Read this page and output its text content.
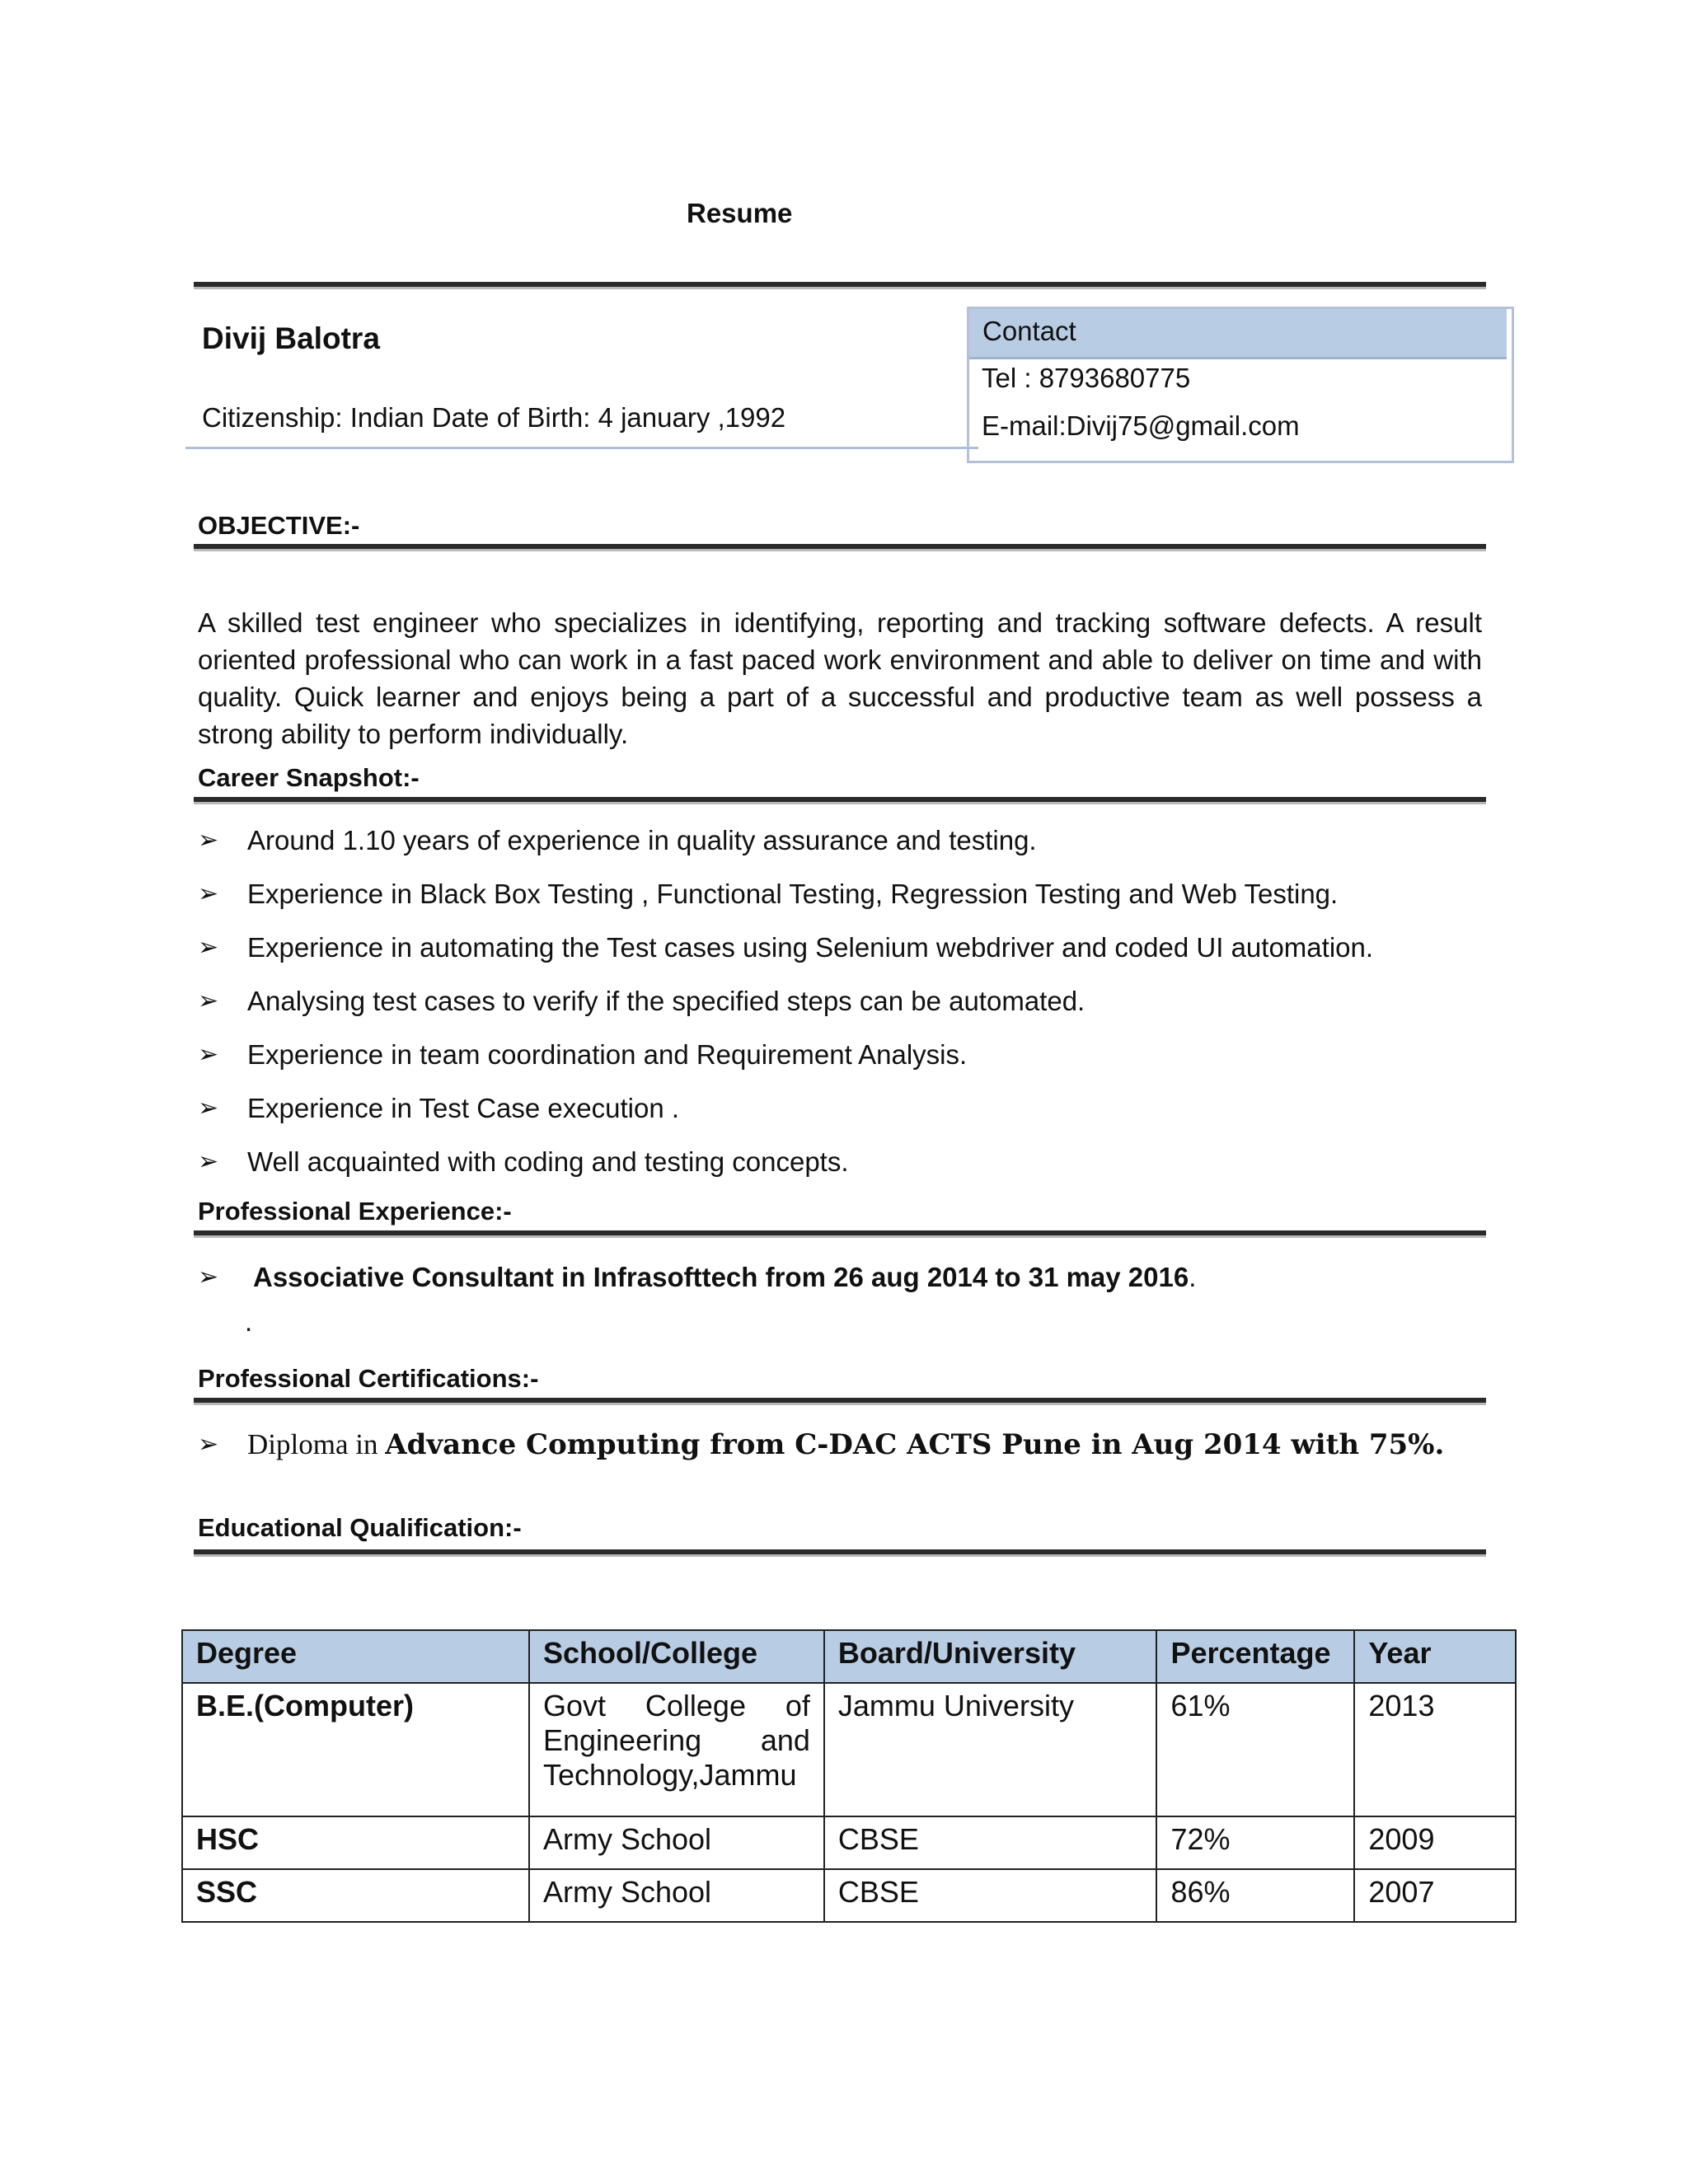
Resume
Divij Balotra
Citizenship: Indian Date of Birth: 4 january ,1992
Contact
Tel : 8793680775
E-mail:Divij75@gmail.com
OBJECTIVE:-
A skilled test engineer who specializes in identifying, reporting and tracking software defects. A result oriented professional who can work in a fast paced work environment and able to deliver on time and with quality. Quick learner and enjoys being a part of a successful and productive team as well possess a strong ability to perform individually.
Career Snapshot:-
➢ Around 1.10 years of experience in quality assurance and testing.
➢ Experience in Black Box Testing , Functional Testing, Regression Testing and Web Testing.
➢ Experience in automating the Test cases using Selenium webdriver and coded UI automation.
➢ Analysing test cases to verify if the specified steps can be automated.
➢ Experience in team coordination and Requirement Analysis.
➢ Experience in Test Case execution .
➢ Well acquainted with coding and testing concepts.
Professional Experience:-
➢ Associative Consultant in Infrasofttech from 26 aug 2014 to 31 may 2016.
.
Professional Certifications:-
➢ Diploma in Advance Computing from C-DAC ACTS Pune in Aug 2014 with 75%.
Educational Qualification:-
Degree	School/College	Board/University	Percentage	Year
B.E.(Computer)	Govt College of Engineering and Technology,Jammu	Jammu University	61%	2013
HSC	Army School	CBSE	72%	2009
SSC	Army School	CBSE	86%	2007
